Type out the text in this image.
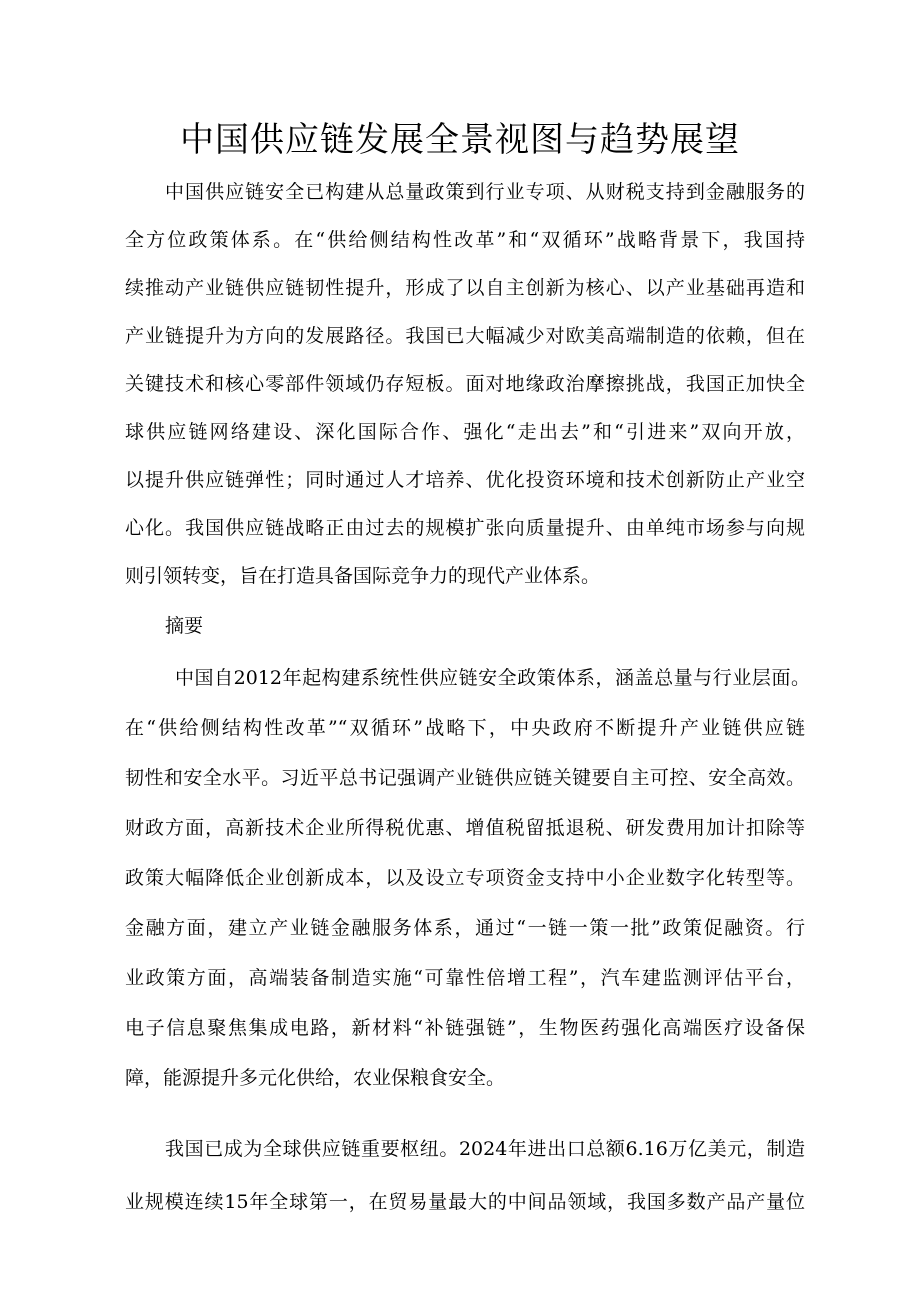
中国供应链发展全景视图与趋势展望
中国供应链安全已构建从总量政策到行业专项、从财税支持到金融服务的
全方位政策体系。在“供给侧结构性改革”和“双循环”战略背景下，我国持
续推动产业链供应链韧性提升，形成了以自主创新为核心、以产业基础再造和
产业链提升为方向的发展路径。我国已大幅减少对欧美高端制造的依赖，但在
关键技术和核心零部件领域仍存短板。面对地缘政治摩擦挑战，我国正加快全
球供应链网络建设、深化国际合作、强化“走出去”和“引进来”双向开放，
以提升供应链弹性；同时通过人才培养、优化投资环境和技术创新防止产业空
心化。我国供应链战略正由过去的规模扩张向质量提升、由单纯市场参与向规
则引领转变，旨在打造具备国际竞争力的现代产业体系。
摘要
中国自2012年起构建系统性供应链安全政策体系，涵盖总量与行业层面。
在“供给侧结构性改革”“双循环”战略下，中央政府不断提升产业链供应链
韧性和安全水平。习近平总书记强调产业链供应链关键要自主可控、安全高效。
财政方面，高新技术企业所得税优惠、增值税留抵退税、研发费用加计扣除等
政策大幅降低企业创新成本，以及设立专项资金支持中小企业数字化转型等。
金融方面，建立产业链金融服务体系，通过“一链一策一批”政策促融资。行
业政策方面，高端装备制造实施“可靠性倍增工程”，汽车建监测评估平台，
电子信息聚焦集成电路，新材料“补链强链”，生物医药强化高端医疗设备保
障，能源提升多元化供给，农业保粮食安全。
我国已成为全球供应链重要枢纽。2024年进出口总额6.16万亿美元，制造
业规模连续15年全球第一，在贸易量最大的中间品领域，我国多数产品产量位
